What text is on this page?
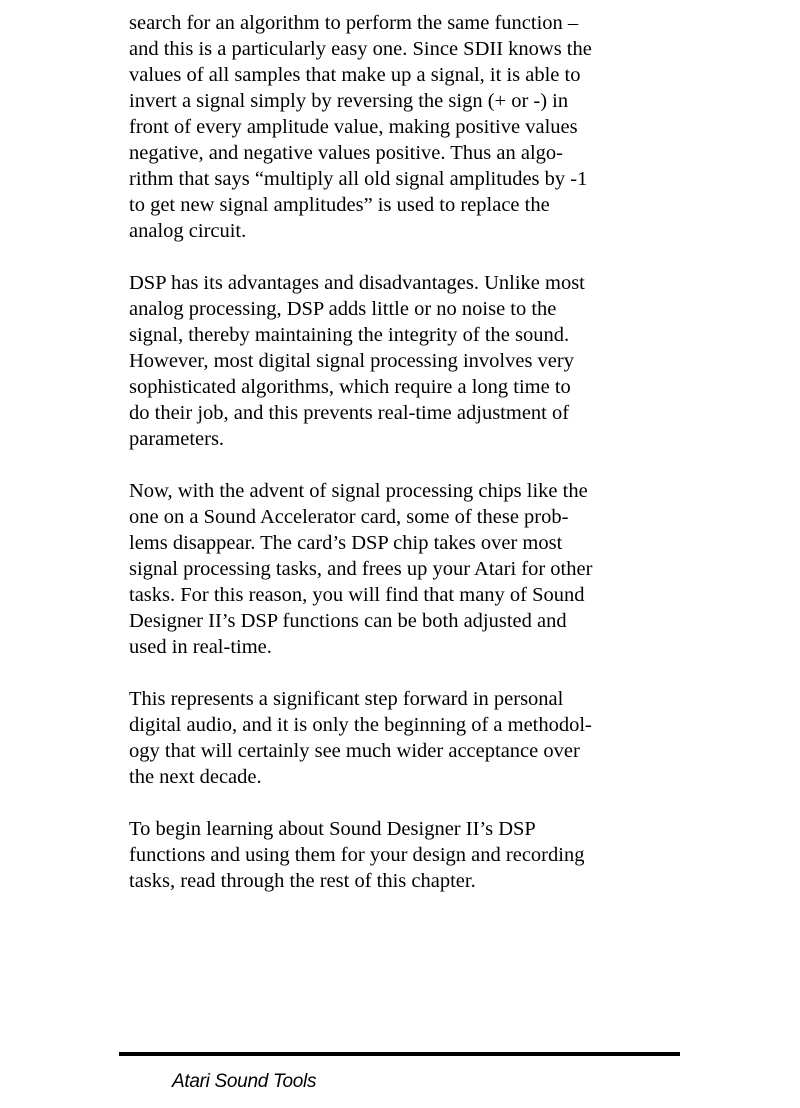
search for an algorithm to perform the same function –
and this is a particularly easy one. Since SDII knows the
values of all samples that make up a signal, it is able to
invert a signal simply by reversing the sign (+ or -) in
front of every amplitude value, making positive values
negative, and negative values positive. Thus an algo-
rithm that says “multiply all old signal amplitudes by -1
to get new signal amplitudes” is used to replace the
analog circuit.

DSP has its advantages and disadvantages. Unlike most
analog processing, DSP adds little or no noise to the
signal, thereby maintaining the integrity of the sound.
However, most digital signal processing involves very
sophisticated algorithms, which require a long time to
do their job, and this prevents real-time adjustment of
parameters.

Now, with the advent of signal processing chips like the
one on a Sound Accelerator card, some of these prob-
lems disappear. The card’s DSP chip takes over most
signal processing tasks, and frees up your Atari for other
tasks. For this reason, you will find that many of Sound
Designer II’s DSP functions can be both adjusted and
used in real-time.

This represents a significant step forward in personal
digital audio, and it is only the beginning of a methodol-
ogy that will certainly see much wider acceptance over
the next decade.

To begin learning about Sound Designer II’s DSP
functions and using them for your design and recording
tasks, read through the rest of this chapter.

Atari Sound Tools
